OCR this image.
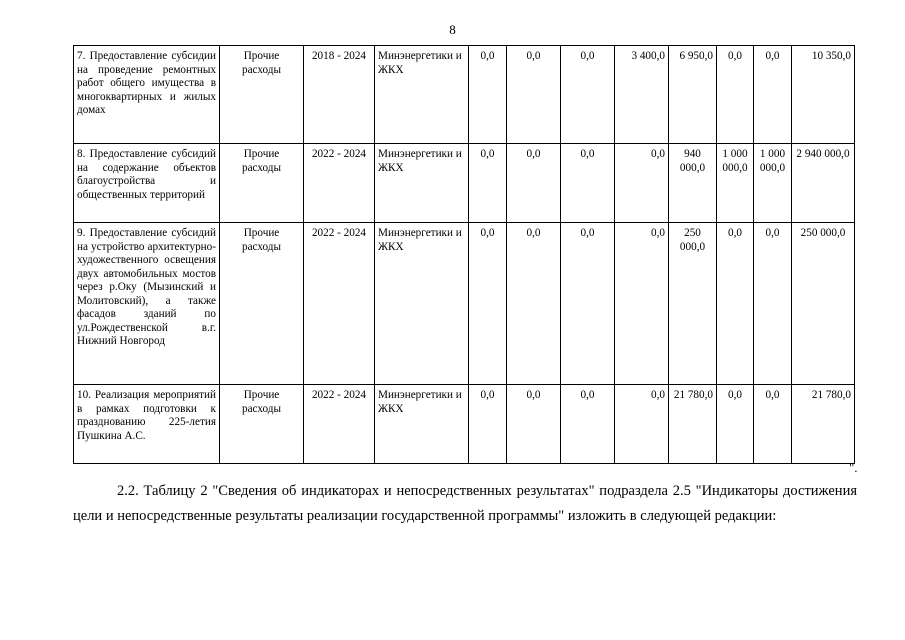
8
7. Предоставление субсидии на проведение ремонтных работ общего имущества в многоквартирных и жилых домах	Прочие расходы	2018 - 2024	Минэнергетики и ЖКХ	0,0	0,0	0,0	3 400,0	6 950,0	0,0	0,0	10 350,0
8. Предоставление субсидий на содержание объектов благоустройства и общественных территорий	Прочие расходы	2022 - 2024	Минэнергетики и ЖКХ	0,0	0,0	0,0	0,0	940 000,0	1 000 000,0	1 000 000,0	2 940 000,0
9. Предоставление субсидий на устройство архитектурно-художественного освещения двух автомобильных мостов через р.Оку (Мызинский и Молитовский), а также фасадов зданий по ул.Рождественской в.г. Нижний Новгород	Прочие расходы	2022 - 2024	Минэнергетики и ЖКХ	0,0	0,0	0,0	0,0	250 000,0	0,0	0,0	250 000,0
10. Реализация мероприятий в рамках подготовки к празднованию 225-летия Пушкина А.С.	Прочие расходы	2022 - 2024	Минэнергетики и ЖКХ	0,0	0,0	0,0	0,0	21 780,0	0,0	0,0	21 780,0
".
2.2. Таблицу 2 "Сведения об индикаторах и непосредственных результатах" подраздела 2.5 "Индикаторы достижения цели и непосредственные результаты реализации государственной программы" изложить в следующей редакции:
